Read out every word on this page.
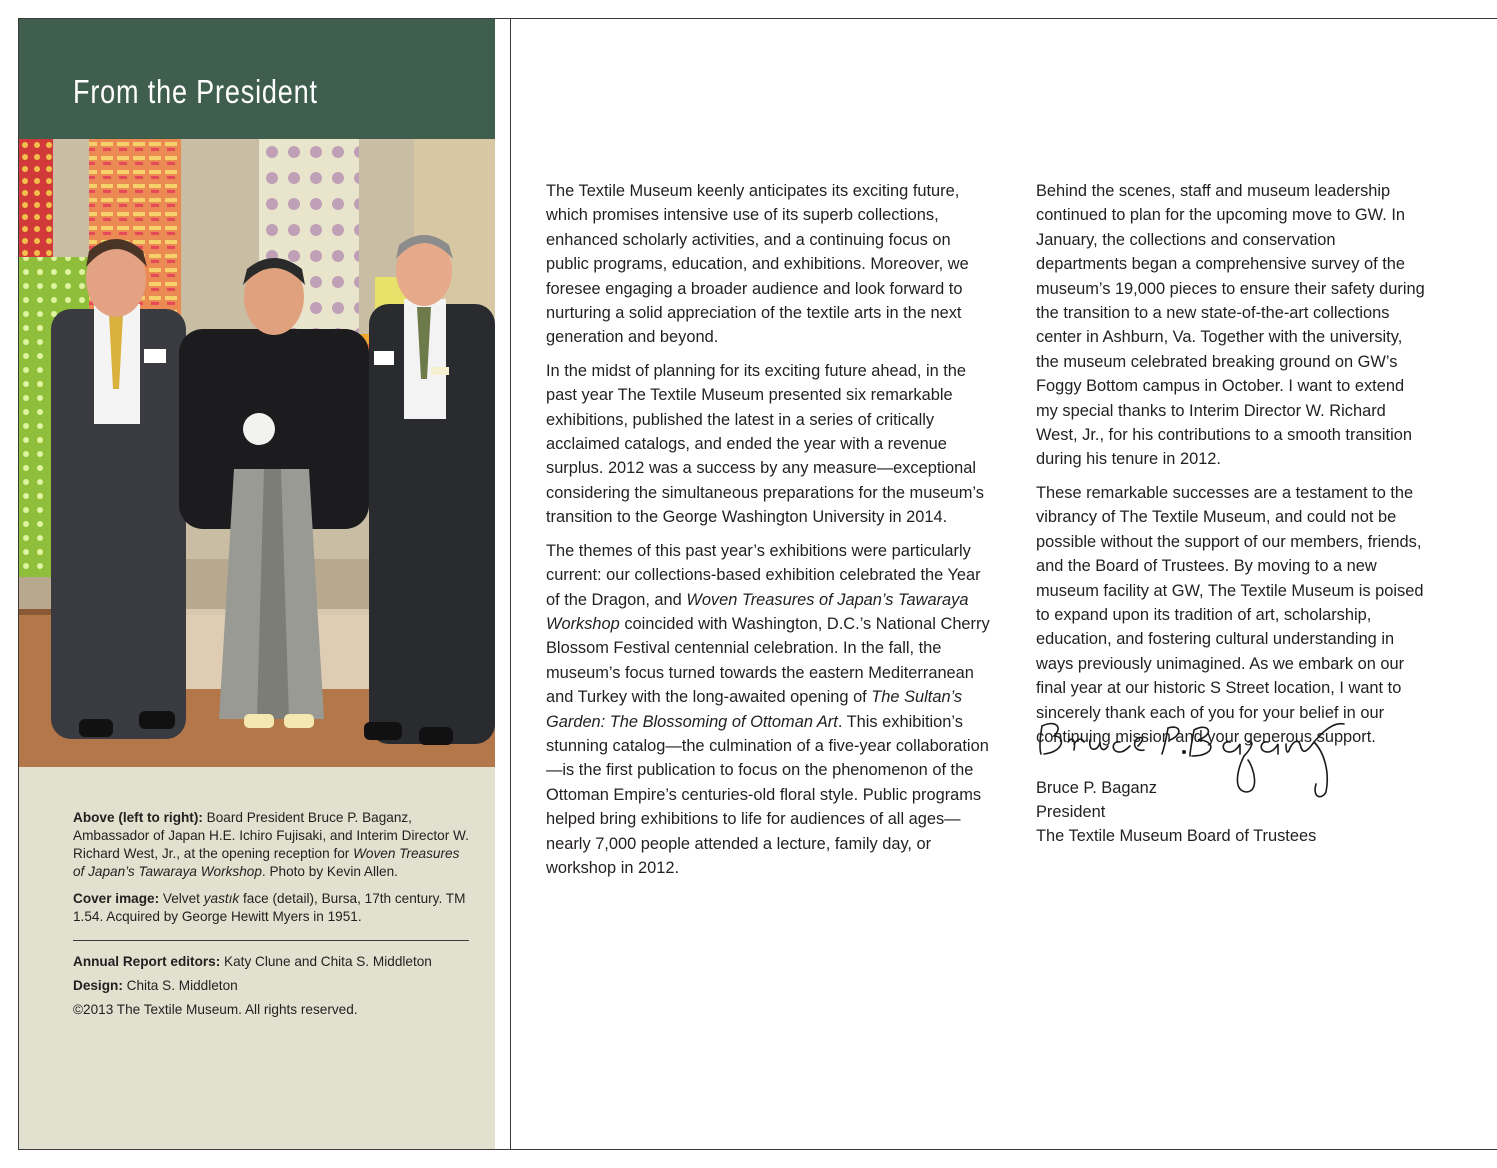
From the President

Above (left to right): Board President Bruce P. Baganz, Ambassador of Japan H.E. Ichiro Fujisaki, and Interim Director W. Richard West, Jr., at the opening reception for Woven Treasures of Japan’s Tawaraya Workshop. Photo by Kevin Allen.

Cover image: Velvet yastık face (detail), Bursa, 17th century. TM 1.54. Acquired by George Hewitt Myers in 1951.

Annual Report editors: Katy Clune and Chita S. Middleton

Design: Chita S. Middleton

©2013 The Textile Museum. All rights reserved.

The Textile Museum keenly anticipates its exciting future, which promises intensive use of its superb collections, enhanced scholarly activities, and a continuing focus on public programs, education, and exhibitions. Moreover, we foresee engaging a broader audience and look forward to nurturing a solid appreciation of the textile arts in the next generation and beyond.

In the midst of planning for its exciting future ahead, in the past year The Textile Museum presented six remarkable exhibitions, published the latest in a series of critically acclaimed catalogs, and ended the year with a revenue surplus. 2012 was a success by any measure—exceptional considering the simultaneous preparations for the museum’s transition to the George Washington University in 2014.

The themes of this past year’s exhibitions were particularly current: our collections-based exhibition celebrated the Year of the Dragon, and Woven Treasures of Japan’s Tawaraya Workshop coincided with Washington, D.C.’s National Cherry Blossom Festival centennial celebration. In the fall, the museum’s focus turned towards the eastern Mediterranean and Turkey with the long-awaited opening of The Sultan’s Garden: The Blossoming of Ottoman Art. This exhibition’s stunning catalog—the culmination of a five-year collaboration—is the first publication to focus on the phenomenon of the Ottoman Empire’s centuries-old floral style. Public programs helped bring exhibitions to life for audiences of all ages—nearly 7,000 people attended a lecture, family day, or workshop in 2012.

Behind the scenes, staff and museum leadership continued to plan for the upcoming move to GW. In January, the collections and conservation departments began a comprehensive survey of the museum’s 19,000 pieces to ensure their safety during the transition to a new state-of-the-art collections center in Ashburn, Va. Together with the university, the museum celebrated breaking ground on GW’s Foggy Bottom campus in October. I want to extend my special thanks to Interim Director W. Richard West, Jr., for his contributions to a smooth transition during his tenure in 2012.

These remarkable successes are a testament to the vibrancy of The Textile Museum, and could not be possible without the support of our members, friends, and the Board of Trustees. By moving to a new museum facility at GW, The Textile Museum is poised to expand upon its tradition of art, scholarship, education, and fostering cultural understanding in ways previously unimagined. As we embark on our final year at our historic S Street location, I want to sincerely thank each of you for your belief in our continuing mission and your generous support.

Bruce P. Baganz
President
The Textile Museum Board of Trustees
